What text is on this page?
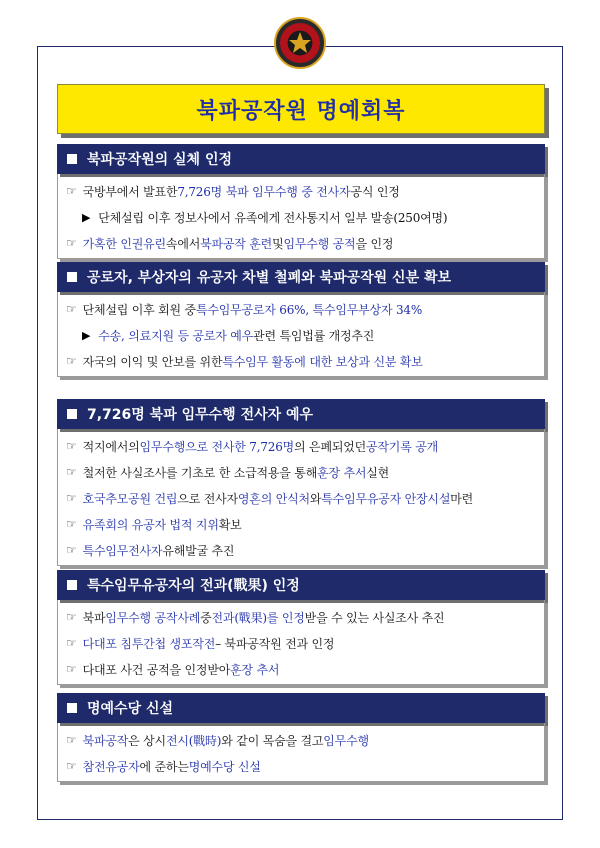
북파공작원 명예회복
북파공작원의 실체 인정
☞ 국방부에서 발표한 7,726명 북파 임무수행 중 전사자 공식 인정
▶ 단체설립 이후 정보사에서 유족에게 전사통지서 일부 발송(250여명)
☞ 가혹한 인권유린 속에서 북파공작 훈련 및 임무수행 공적 을 인정
공로자, 부상자의 유공자 차별 철폐와 북파공작원 신분 확보
☞ 단체설립 이후 회원 중 특수임무공로자 66%, 특수임무부상자 34%
▶ 수송, 의료지원 등 공로자 예우 관련 특임법률 개정추진
☞ 자국의 이익 및 안보를 위한 특수임무 활동에 대한 보상과 신분 확보
7,726명 북파 임무수행 전사자 예우
☞ 적지에서의 임무수행으로 전사한 7,726명 의 은폐되었던 공작기록 공개
☞ 철저한 사실조사를 기초로 한 소급적용을 통해 훈장 추서 실현
☞ 호국추모공원 건립 으로 전사자 영혼의 안식처 와 특수임무유공자 안장시설 마련
☞ 유족회의 유공자 법적 지위 확보
☞ 특수임무전사자 유해발굴 추진
특수임무유공자의 전과(戰果) 인정
☞ 북파 임무수행 공작사례 중 전과(戰果)를 인정 받을 수 있는 사실조사 추진
☞ 다대포 침투간첩 생포작전 – 북파공작원 전과 인정
☞ 다대포 사건 공적을 인정받아 훈장 추서
명예수당 신설
☞ 북파공작 은 상시 전시(戰時) 와 같이 목숨을 걸고 임무수행
☞ 참전유공자 에 준하는 명예수당 신설
